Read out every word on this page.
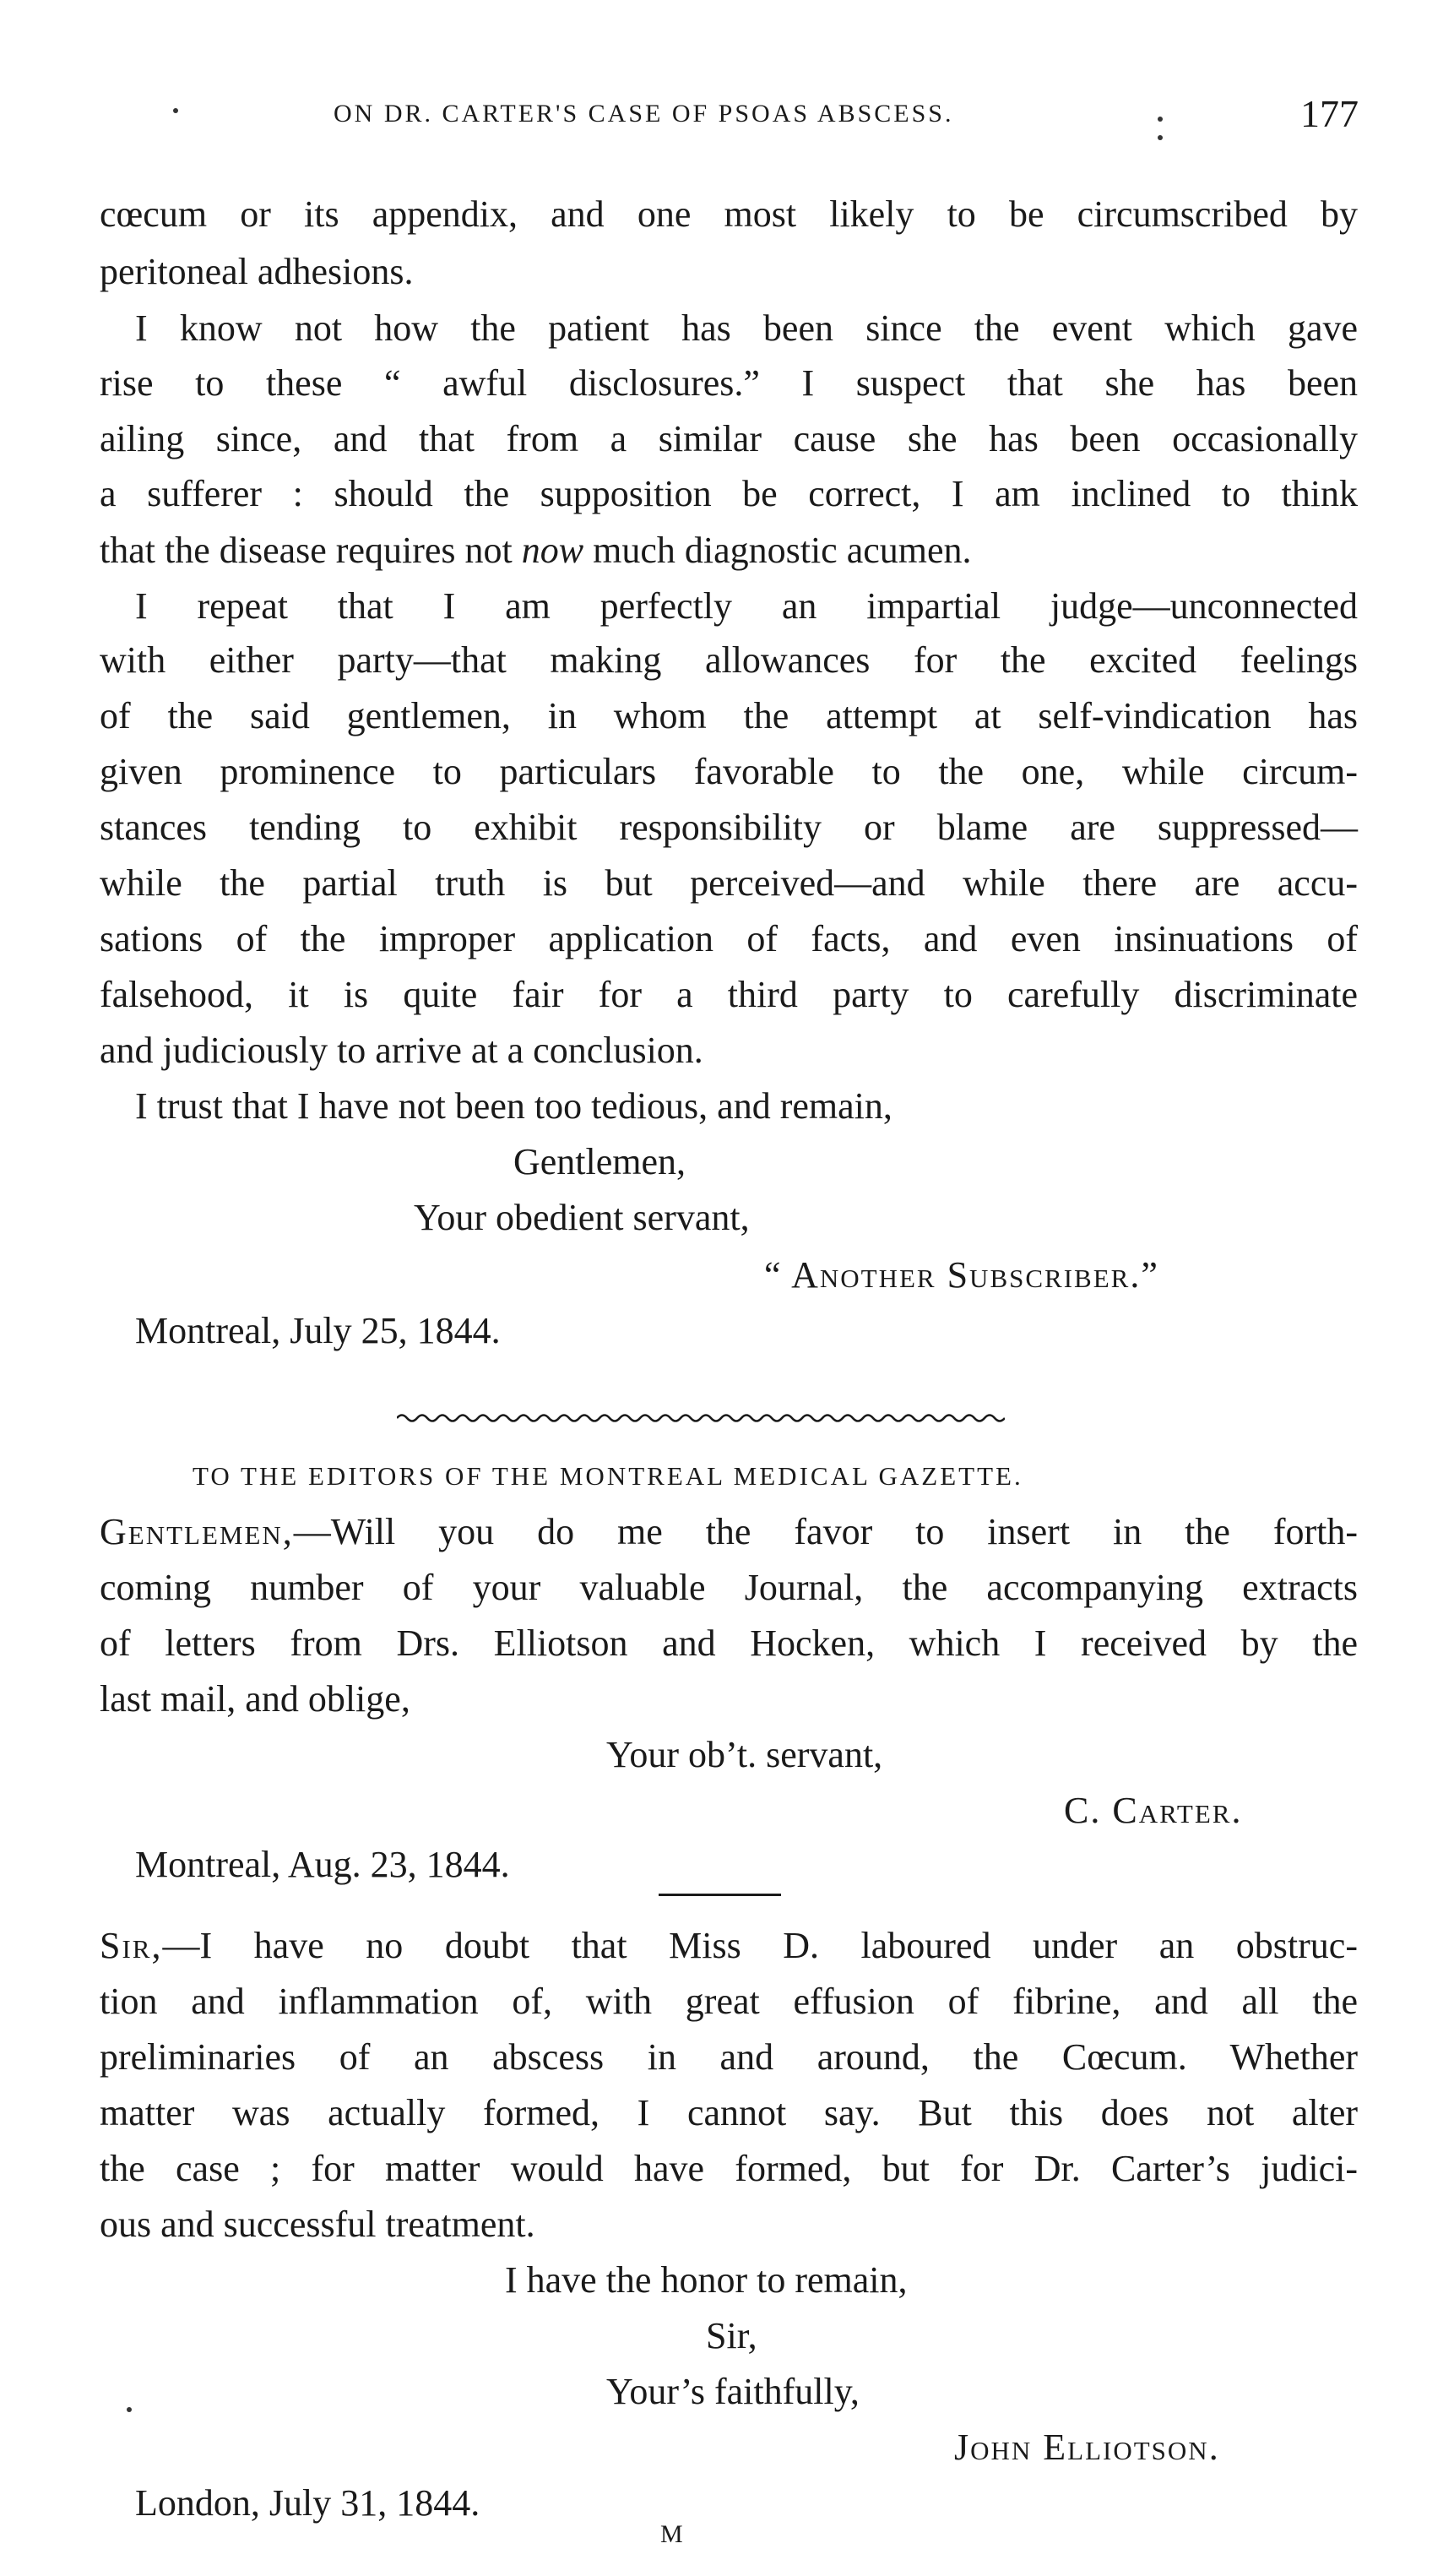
ON DR. CARTER'S CASE OF PSOAS ABSCESS.	177
cœcum or its appendix, and one most likely to be circumscribed by
peritoneal adhesions.
I know not how the patient has been since the event which gave
rise to these “ awful disclosures.” I suspect that she has been
ailing since, and that from a similar cause she has been occasionally
a sufferer : should the supposition be correct, I am inclined to think
that the disease requires not now much diagnostic acumen.
I repeat that I am perfectly an impartial judge—unconnected
with either party—that making allowances for the excited feelings
of the said gentlemen, in whom the attempt at self-vindication has
given prominence to particulars favorable to the one, while circum-
stances tending to exhibit responsibility or blame are suppressed—
while the partial truth is but perceived—and while there are accu-
sations of the improper application of facts, and even insinuations of
falsehood, it is quite fair for a third party to carefully discriminate
and judiciously to arrive at a conclusion.
I trust that I have not been too tedious, and remain,
Gentlemen,
Your obedient servant,
“ Another Subscriber.”
Montreal, July 25, 1844.
TO THE EDITORS OF THE MONTREAL MEDICAL GAZETTE.
Gentlemen,—Will you do me the favor to insert in the forth-
coming number of your valuable Journal, the accompanying extracts
of letters from Drs. Elliotson and Hocken, which I received by the
last mail, and oblige,
Your ob’t. servant,
C. Carter.
Montreal, Aug. 23, 1844.
Sir,—I have no doubt that Miss D. laboured under an obstruc-
tion and inflammation of, with great effusion of fibrine, and all the
preliminaries of an abscess in and around, the Cœcum. Whether
matter was actually formed, I cannot say. But this does not alter
the case ; for matter would have formed, but for Dr. Carter’s judici-
ous and successful treatment.
I have the honor to remain,
Sir,
Your’s faithfully,
John Elliotson.
London, July 31, 1844.
M
